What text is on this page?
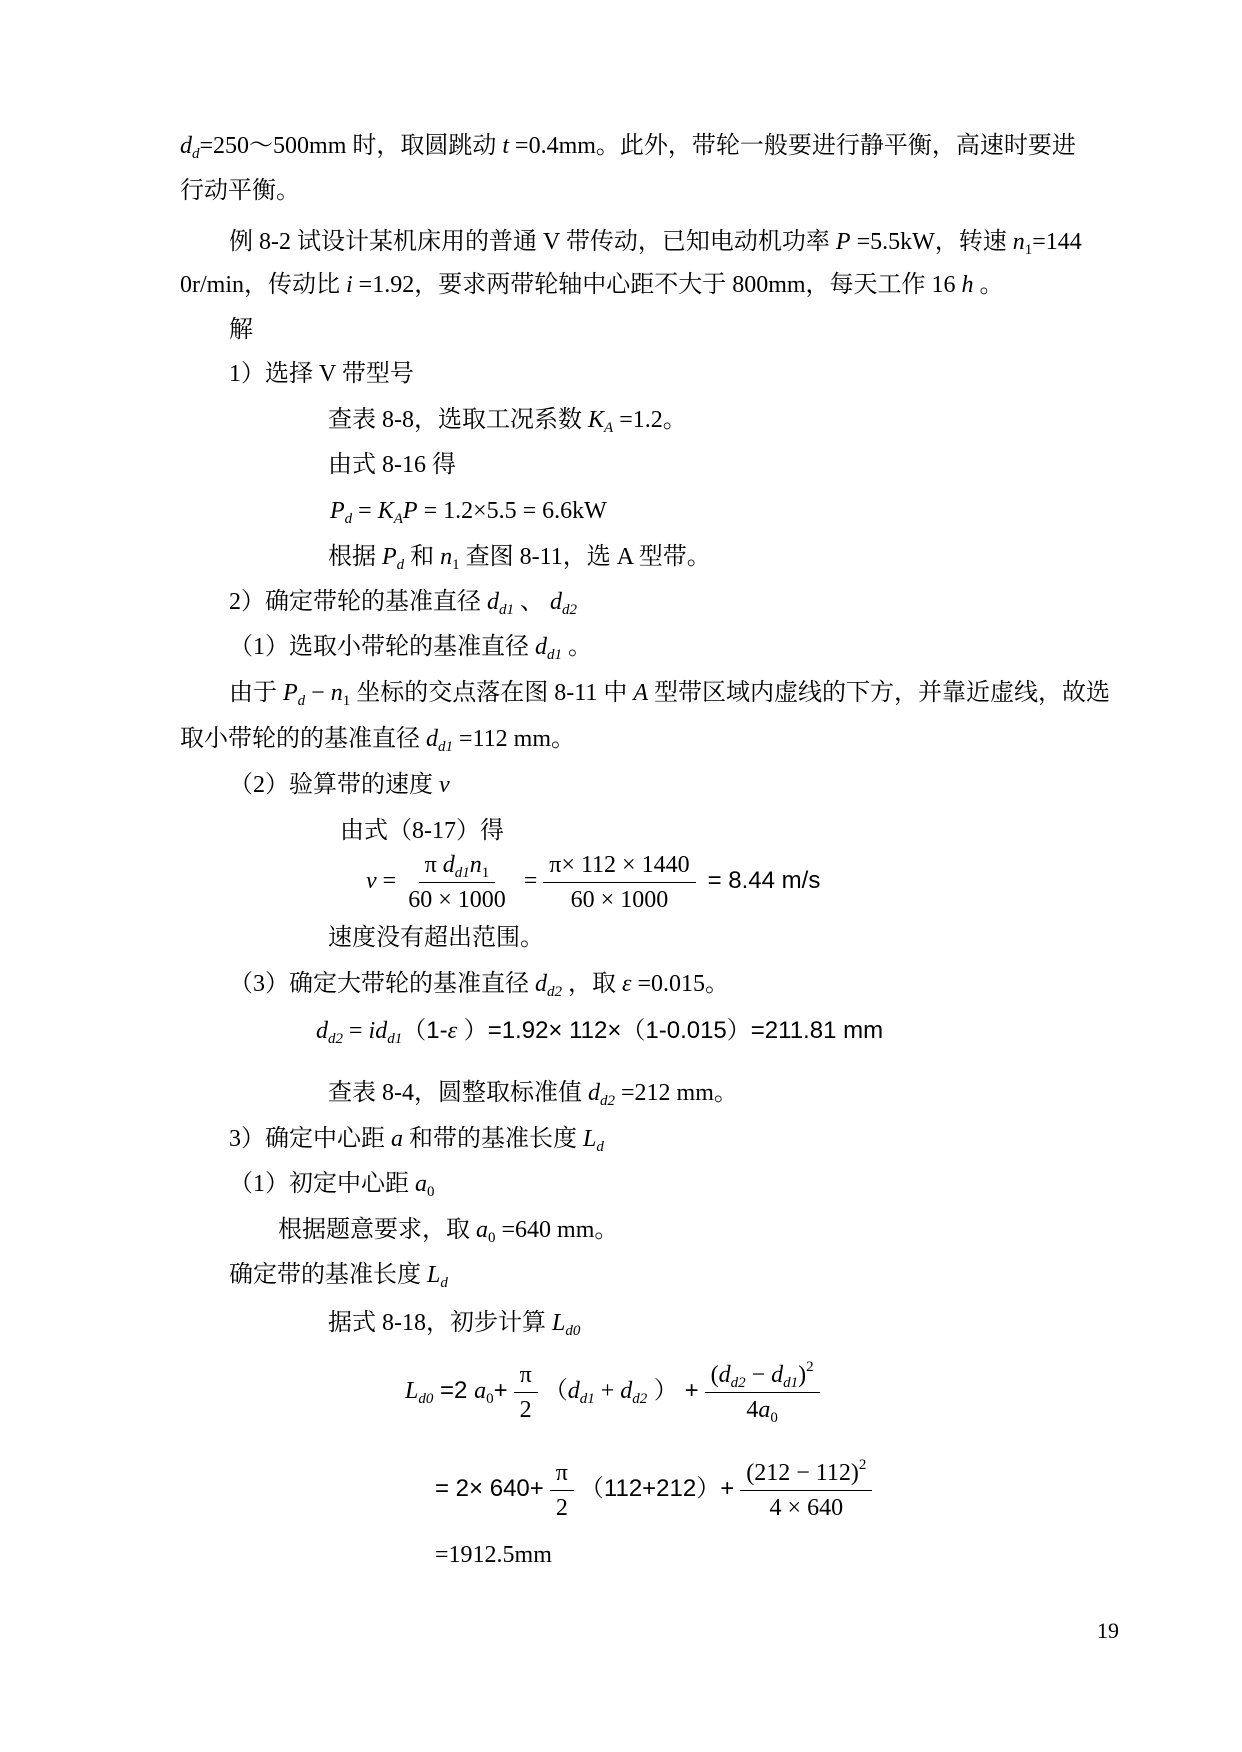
$d_d=250\sim 500mm$ 时，取圆跳动 t =0.4mm。此外，带轮一般要进行静平衡，高速时要进
行动平衡。
例 8-2 试设计某机床用的普通 V 带传动，已知电动机功率 P =5.5kW，转速 $n_1=144$
0r/min，传动比 i =1.92，要求两带轮轴中心距不大于 800mm，每天工作 16 h 。
解
1）选择 V 带型号
查表 8-8，选取工况系数 $K_A =1.2$。
由式 8-16 得
$P_d = K_AP = 1.2\times 5.5 = 6.6kW$
根据 $P_d$ 和 $n_1$ 查图 8-11，选 A 型带。
2）确定带轮的基准直径 $d_{d1}$ 、 $d_{d2}$
（1）选取小带轮的基准直径 $d_{d1}$ 。
由于 $P_d - n_1$ 坐标的交点落在图 8-11 中 A 型带区域内虚线的下方，并靠近虚线，故选
取小带轮的的基准直径 $d_{d1} =112$ mm。
（2）验算带的速度 v
由式（8-17）得
$v = \frac{\pi d_{d1}n_1}{60 \times 1000} = \frac{\pi\times 112 \times 1440}{60 \times 1000} = 8.44$ m/s
速度没有超出范围。
（3）确定大带轮的基准直径 $d_{d2}$ ，取 ε =0.015。
$d_{d2} = id_{d1}(1-\varepsilon$ ）=1.92× 112×（1-0.015）=211.81 mm
查表 8-4，圆整取标准值 $d_{d2} =212$ mm。
3）确定中心距 a 和带的基准长度 $L_d$
（1）初定中心距 $a_0$
根据题意要求，取 $a_0 =640$ mm。
确定带的基准长度 $L_d$
据式 8-18，初步计算 $L_{d0}$
$L_{d0} =2$ $a_0+ \frac{\pi}{2} (d_{d1} + d_{d2}$ ） + $\frac{(d_{d2} - d_{d1})^2}{4a_0}$
= $2\times 640+ \frac{\pi}{2} (112+212)+ \frac{(212 - 112)^2}{4 \times 640}$
=1912.5mm
19
